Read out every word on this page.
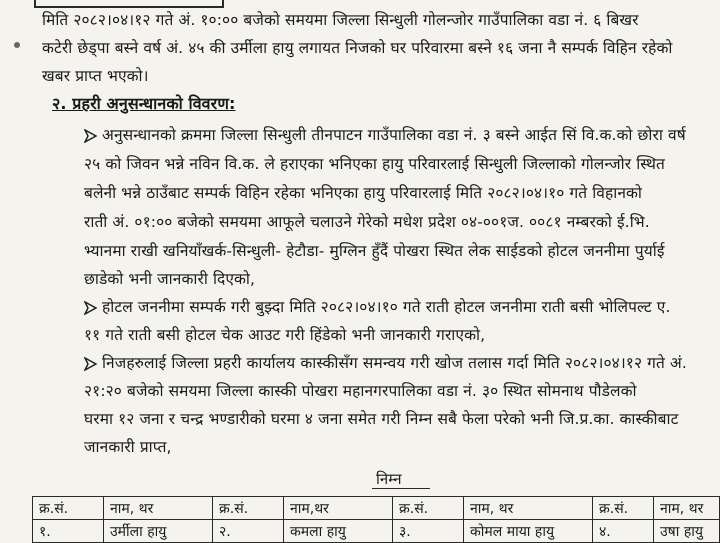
मिति २०८२।०४।१२ गते अं. १०:०० बजेको समयमा जिल्ला सिन्धुली गोलन्जोर गाउँपालिका वडा नं. ६ बिखर
कटेरी छेड्पा बस्ने वर्ष अं. ४५ की उर्मीला हायु लगायत निजको घर परिवारमा बस्ने १६ जना नै सम्पर्क विहिन रहेको
खबर प्राप्त भएको।
२. प्रहरी अनुसन्धानको विवरण:
अनुसन्धानको क्रममा जिल्ला सिन्धुली तीनपाटन गाउँपालिका वडा नं. ३ बस्ने आईत सिं वि.क.को छोरा वर्ष
२५ को जिवन भन्ने नविन वि.क. ले हराएका भनिएका हायु परिवारलाई सिन्धुली जिल्लाको गोलन्जोर स्थित
बलेनी भन्ने ठाउँबाट सम्पर्क विहिन रहेका भनिएका हायु परिवारलाई मिति २०८२।०४।१० गते विहानको
राती अं. ०१:०० बजेको समयमा आफूले चलाउने गेरेको मधेश प्रदेश ०४-००१ज. ००८१ नम्बरको ई.भि.
भ्यानमा राखी खनियाँखर्क-सिन्धुली- हेटौडा- मुग्लिन हुँदैं पोखरा स्थित लेक साईडको होटल जननीमा पुर्याई
छाडेको भनी जानकारी दिएको,
होटल जननीमा सम्पर्क गरी बुझ्दा मिति २०८२।०४।१० गते राती होटल जननीमा राती बसी भोलिपल्ट ए.
११ गते राती बसी होटल चेक आउट गरी हिंडेको भनी जानकारी गराएको,
निजहरुलाई जिल्ला प्रहरी कार्यालय कास्कीसँग समन्वय गरी खोज तलास गर्दा मिति २०८२।०४।१२ गते अं.
२१:२० बजेको समयमा जिल्ला कास्की पोखरा महानगरपालिका वडा नं. ३० स्थित सोमनाथ पौडेलको
घरमा १२ जना र चन्द्र भण्डारीको घरमा ४ जना समेत गरी निम्न सबै फेला परेको भनी जि.प्र.का. कास्कीबाट
जानकारी प्राप्त,
निम्न
क्र.सं.	नाम, थर	क्र.सं.	नाम,थर	क्र.सं.	नाम, थर	क्र.सं.	नाम, थर
१.	उर्मीला हायु	२.	कमला हायु	३.	कोमल माया हायु	४.	उषा हायु
